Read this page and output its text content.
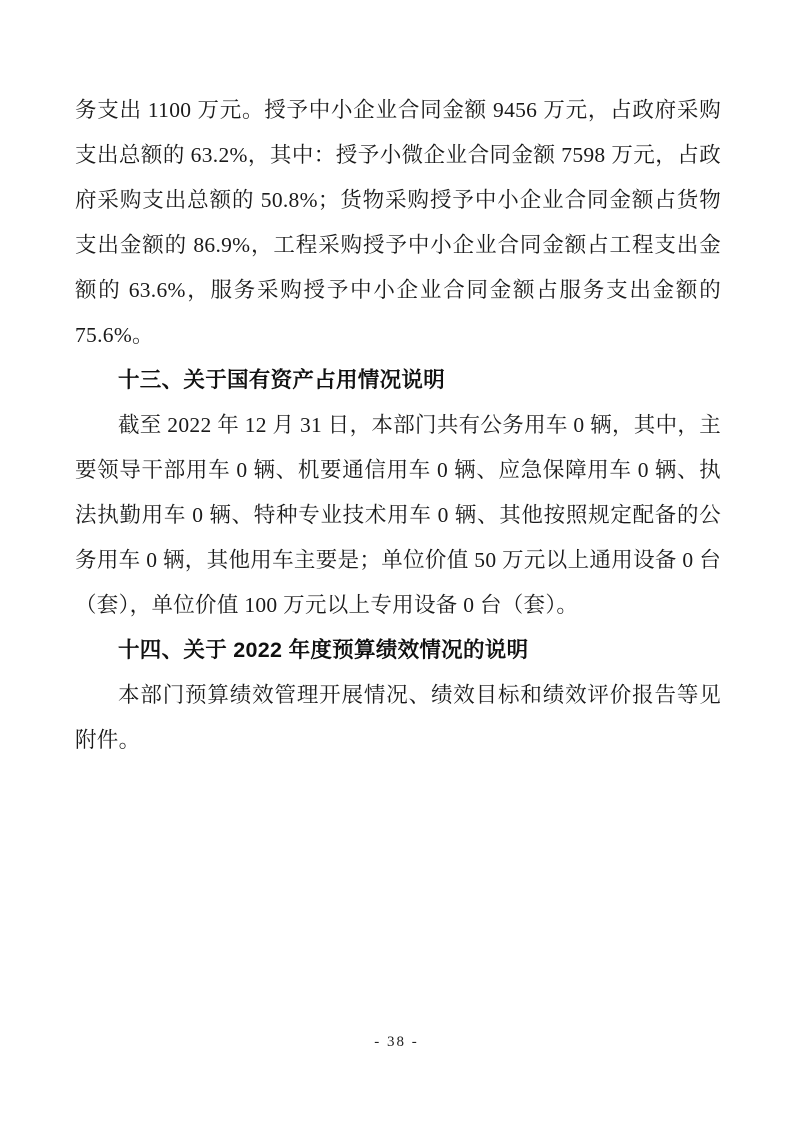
务支出 1100 万元。授予中小企业合同金额 9456 万元，占政府采购支出总额的 63.2%，其中：授予小微企业合同金额 7598 万元，占政府采购支出总额的 50.8%；货物采购授予中小企业合同金额占货物支出金额的 86.9%，工程采购授予中小企业合同金额占工程支出金额的 63.6%，服务采购授予中小企业合同金额占服务支出金额的 75.6%。

十三、关于国有资产占用情况说明

截至 2022 年 12 月 31 日，本部门共有公务用车 0 辆，其中，主要领导干部用车 0 辆、机要通信用车 0 辆、应急保障用车 0 辆、执法执勤用车 0 辆、特种专业技术用车 0 辆、其他按照规定配备的公务用车 0 辆，其他用车主要是；单位价值 50 万元以上通用设备 0 台（套），单位价值 100 万元以上专用设备 0 台（套）。

十四、关于 2022 年度预算绩效情况的说明

本部门预算绩效管理开展情况、绩效目标和绩效评价报告等见附件。

- 38 -
